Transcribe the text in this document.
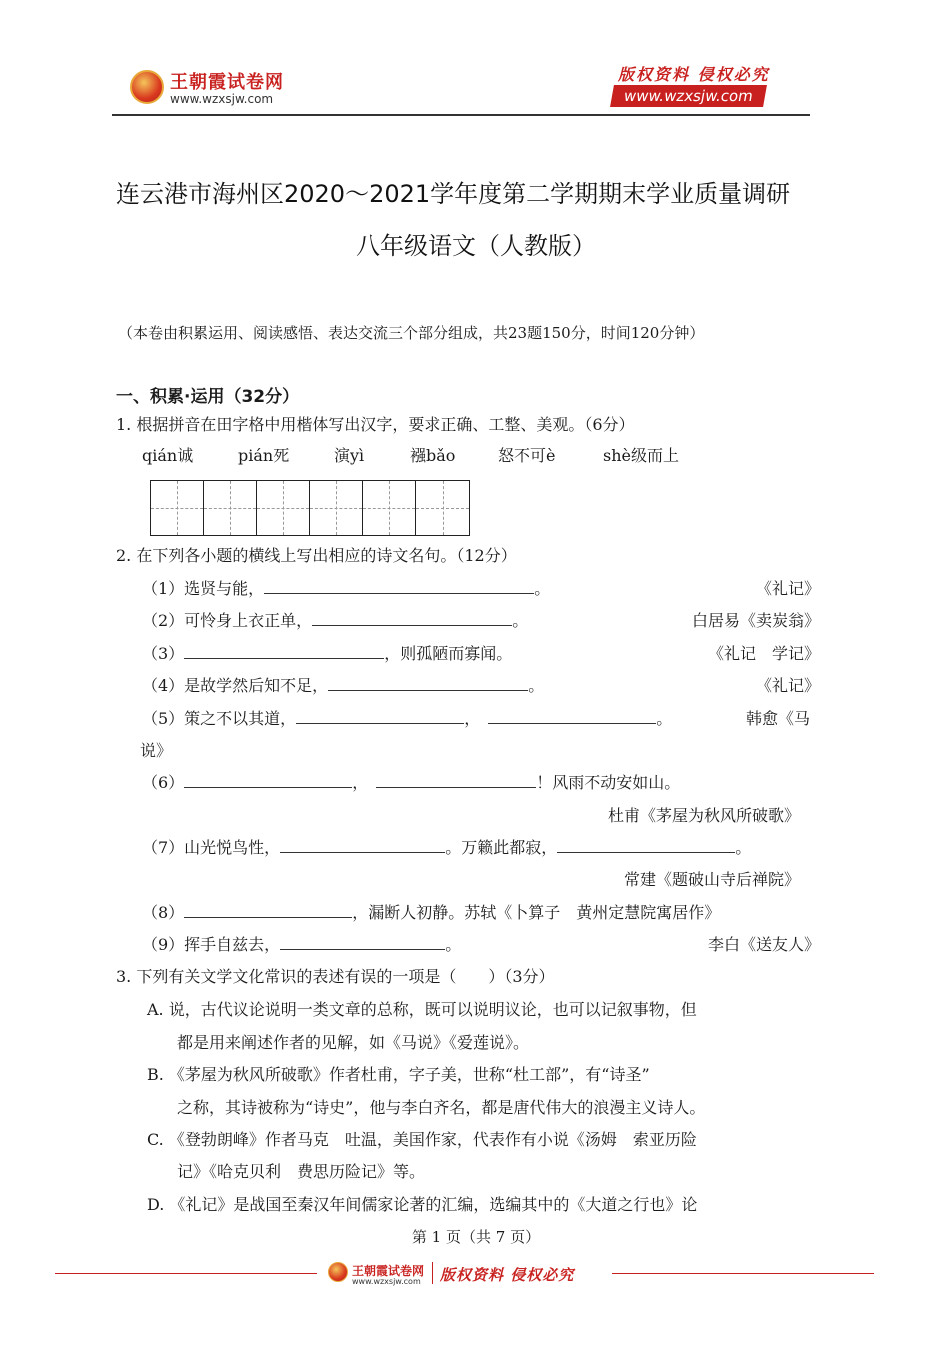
王朝霞试卷网
www.wzxsjw.com
版权资料 侵权必究
www.wzxsjw.com
连云港市海州区2020～2021学年度第二学期期末学业质量调研
八年级语文（人教版）
（本卷由积累运用、阅读感悟、表达交流三个部分组成，共23题150分，时间120分钟）
一、积累·运用（32分）
1. 根据拼音在田字格中用楷体写出汉字，要求正确、工整、美观。（6分）
qián诚	pián死	演yì	襁bǎo	怒不可è	shè级而上
2. 在下列各小题的横线上写出相应的诗文名句。（12分）
（1）选贤与能，	。	《礼记》
（2）可怜身上衣正单，	。	白居易《卖炭翁》
（3）	，则孤陋而寡闻。	《礼记　学记》
（4）是故学然后知不足，	。	《礼记》
（5）策之不以其道，	，	。	韩愈《马
说》
（6）	，	！风雨不动安如山。
杜甫《茅屋为秋风所破歌》
（7）山光悦鸟性，	。万籁此都寂，	。
常建《题破山寺后禅院》
（8）	，漏断人初静。苏轼《卜算子　黄州定慧院寓居作》
（9）挥手自兹去，	。	李白《送友人》
3. 下列有关文学文化常识的表述有误的一项是（　　）（3分）
A. 说，古代议论说明一类文章的总称，既可以说明议论，也可以记叙事物，但
都是用来阐述作者的见解，如《马说》《爱莲说》。
B. 《茅屋为秋风所破歌》作者杜甫，字子美，世称“杜工部”，有“诗圣”
之称，其诗被称为“诗史”，他与李白齐名，都是唐代伟大的浪漫主义诗人。
C. 《登勃朗峰》作者马克　吐温，美国作家，代表作有小说《汤姆　索亚历险
记》《哈克贝利　费思历险记》等。
D. 《礼记》是战国至秦汉年间儒家论著的汇编，选编其中的《大道之行也》论
第 1 页（共 7 页）
王朝霞试卷网
www.wzxsjw.com 版权资料 侵权必究
